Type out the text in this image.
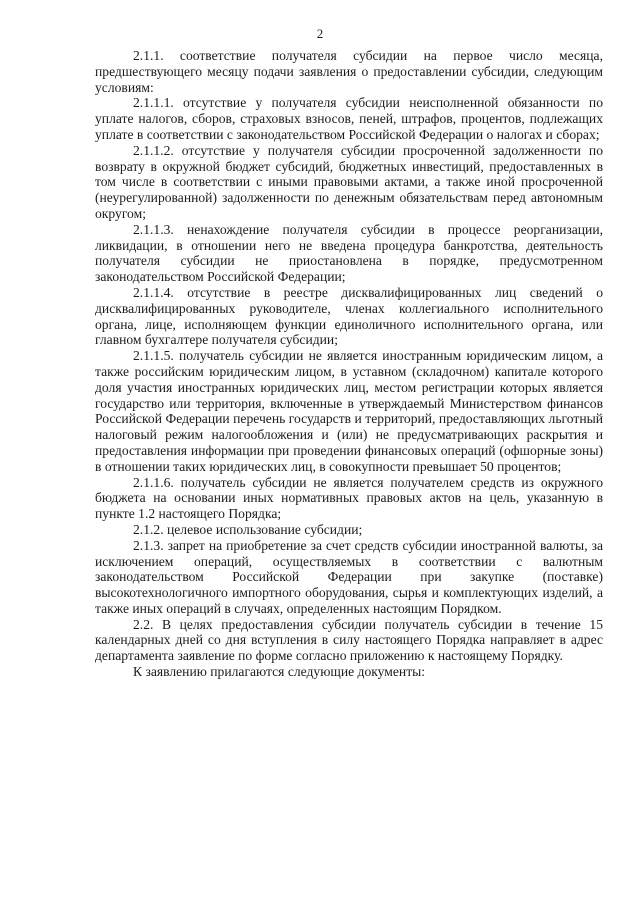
2

2.1.1. соответствие получателя субсидии на первое число месяца, предшествующего месяцу подачи заявления о предоставлении субсидии, следующим условиям:

2.1.1.1. отсутствие у получателя субсидии неисполненной обязанности по уплате налогов, сборов, страховых взносов, пеней, штрафов, процентов, подлежащих уплате в соответствии с законодательством Российской Федерации о налогах и сборах;

2.1.1.2. отсутствие у получателя субсидии просроченной задолженности по возврату в окружной бюджет субсидий, бюджетных инвестиций, предоставленных в том числе в соответствии с иными правовыми актами, а также иной просроченной (неурегулированной) задолженности по денежным обязательствам перед автономным округом;

2.1.1.3. ненахождение получателя субсидии в процессе реорганизации, ликвидации, в отношении него не введена процедура банкротства, деятельность получателя субсидии не приостановлена в порядке, предусмотренном законодательством Российской Федерации;

2.1.1.4. отсутствие в реестре дисквалифицированных лиц сведений о дисквалифицированных руководителе, членах коллегиального исполнительного органа, лице, исполняющем функции единоличного исполнительного органа, или главном бухгалтере получателя субсидии;

2.1.1.5. получатель субсидии не является иностранным юридическим лицом, а также российским юридическим лицом, в уставном (складочном) капитале которого доля участия иностранных юридических лиц, местом регистрации которых является государство или территория, включенные в утверждаемый Министерством финансов Российской Федерации перечень государств и территорий, предоставляющих льготный налоговый режим налогообложения и (или) не предусматривающих раскрытия и предоставления информации при проведении финансовых операций (офшорные зоны) в отношении таких юридических лиц, в совокупности превышает 50 процентов;

2.1.1.6. получатель субсидии не является получателем средств из окружного бюджета на основании иных нормативных правовых актов на цель, указанную в пункте 1.2 настоящего Порядка;

2.1.2. целевое использование субсидии;

2.1.3. запрет на приобретение за счет средств субсидии иностранной валюты, за исключением операций, осуществляемых в соответствии с валютным законодательством Российской Федерации при закупке (поставке) высокотехнологичного импортного оборудования, сырья и комплектующих изделий, а также иных операций в случаях, определенных настоящим Порядком.

2.2. В целях предоставления субсидии получатель субсидии в течение 15 календарных дней со дня вступления в силу настоящего Порядка направляет в адрес департамента заявление по форме согласно приложению к настоящему Порядку.

К заявлению прилагаются следующие документы:
